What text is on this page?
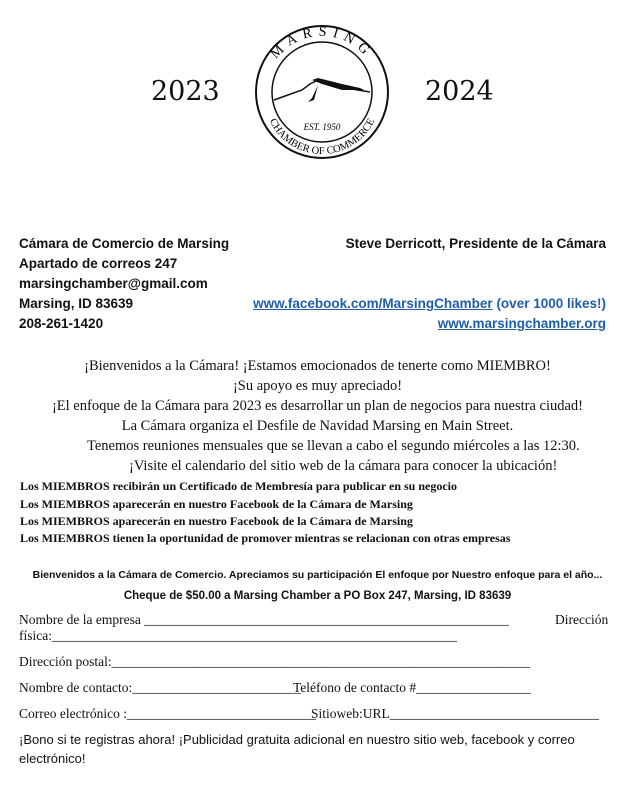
2023	2024
MARSING
CHAMBER OF COMMERCE
EST. 1950
Cámara de Comercio de Marsing
Apartado de correos 247
marsingchamber@gmail.com
Marsing, ID 83639
208-261-1420
Steve Derricott, Presidente de la Cámara
www.facebook.com/MarsingChamber (over 1000 likes!)
www.marsingchamber.org
¡Bienvenidos a la Cámara! ¡Estamos emocionados de tenerte como MIEMBRO!
¡Su apoyo es muy apreciado!
¡El enfoque de la Cámara para 2023 es desarrollar un plan de negocios para nuestra ciudad!
La Cámara organiza el Desfile de Navidad Marsing en Main Street.
Tenemos reuniones mensuales que se llevan a cabo el segundo miércoles a las 12:30.
¡Visite el calendario del sitio web de la cámara para conocer la ubicación!
Los MIEMBROS recibirán un Certificado de Membresía para publicar en su negocio
Los MIEMBROS aparecerán en nuestro Facebook de la Cámara de Marsing
Los MIEMBROS aparecerán en nuestro Facebook de la Cámara de Marsing
Los MIEMBROS tienen la oportunidad de promover mientras se relacionan con otras empresas
Bienvenidos a la Cámara de Comercio. Apreciamos su participación El enfoque por Nuestro enfoque para el año...
Cheque de $50.00 a Marsing Chamber a PO Box 247, Marsing, ID 83639
Nombre de la empresa ______________________________________________________	Dirección
física:____________________________________________________________
Dirección postal:______________________________________________________________
Nombre de contacto:_________________________
Teléfono de contacto #_________________
Correo electrónico :____________________________
Sitioweb:URL_______________________________
¡Bono si te registras ahora! ¡Publicidad gratuita adicional en nuestro sitio web, facebook y correo
electrónico!
